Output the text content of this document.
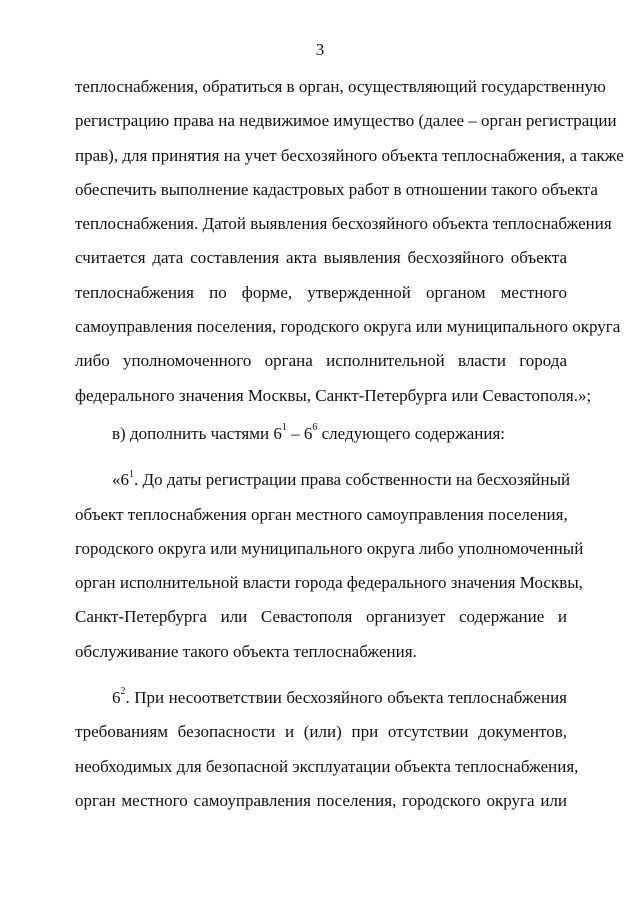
3
теплоснабжения, обратиться в орган, осуществляющий государственную
регистрацию права на недвижимое имущество (далее – орган регистрации
прав), для принятия на учет бесхозяйного объекта теплоснабжения, а также
обеспечить выполнение кадастровых работ в отношении такого объекта
теплоснабжения. Датой выявления бесхозяйного объекта теплоснабжения
считается дата составления акта выявления бесхозяйного объекта
теплоснабжения по форме, утвержденной органом местного
самоуправления поселения, городского округа или муниципального округа
либо уполномоченного органа исполнительной власти города
федерального значения Москвы, Санкт-Петербурга или Севастополя.»;
в) дополнить частями $6^1 - 6^6$ следующего содержания:
«$6^1$. До даты регистрации права собственности на бесхозяйный
объект теплоснабжения орган местного самоуправления поселения,
городского округа или муниципального округа либо уполномоченный
орган исполнительной власти города федерального значения Москвы,
Санкт-Петербурга или Севастополя организует содержание и
обслуживание такого объекта теплоснабжения.
$6^2$. При несоответствии бесхозяйного объекта теплоснабжения
требованиям безопасности и (или) при отсутствии документов,
необходимых для безопасной эксплуатации объекта теплоснабжения,
орган местного самоуправления поселения, городского округа или
